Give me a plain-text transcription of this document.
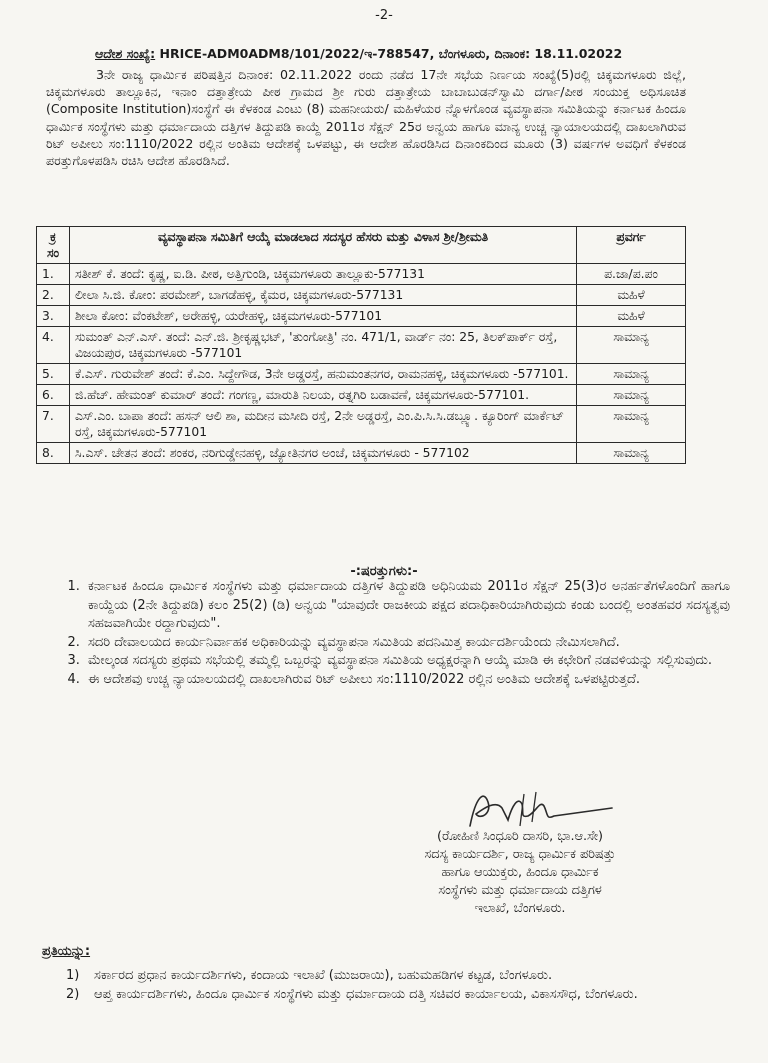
-2-
ಆದೇಶ ಸಂಖ್ಯೆ: HRICE-ADM0ADM8/101/2022/ಇ-788547, ಬೆಂಗಳೂರು, ದಿನಾಂಕ: 18.11.02022

3ನೇ ರಾಜ್ಯ ಧಾರ್ಮಿಕ ಪರಿಷತ್ತಿನ ದಿನಾಂಕ: 02.11.2022 ರಂದು ನಡೆದ 17ನೇ ಸಭೆಯ ನಿರ್ಣಯ ಸಂಖ್ಯೆ(5)ರಲ್ಲಿ ಚಿಕ್ಕಮಗಳೂರು ಜಿಲ್ಲೆ, ಚಿಕ್ಕಮಗಳೂರು ತಾಲ್ಲೂಕಿನ, ಇನಾಂ ದತ್ತಾತ್ರೇಯ ಪೀಠ ಗ್ರಾಮದ ಶ್ರೀ ಗುರು ದತ್ತಾತ್ರೇಯ ಬಾಬಾಬುಡನ್‌ಸ್ವಾಮಿ ದರ್ಗಾ/ಪೀಠ ಸಂಯುಕ್ತ ಅಧಿಸೂಚಿತ (Composite Institution)ಸಂಸ್ಥೆಗೆ ಈ ಕೆಳಕಂಡ ಎಂಟು (8) ಮಹನೀಯರು/ ಮಹಿಳೆಯರ ನ್ನೊಳಗೊಂಡ ವ್ಯವಸ್ಥಾಪನಾ ಸಮಿತಿಯನ್ನು ಕರ್ನಾಟಕ ಹಿಂದೂ ಧಾರ್ಮಿಕ ಸಂಸ್ಥೆಗಳು ಮತ್ತು ಧರ್ಮಾದಾಯ ದತ್ತಿಗಳ ತಿದ್ದುಪಡಿ ಕಾಯ್ದೆ 2011ರ ಸೆಕ್ಷನ್ 25ರ ಅನ್ವಯ ಹಾಗೂ ಮಾನ್ಯ ಉಚ್ಚ ನ್ಯಾಯಾಲಯದಲ್ಲಿ ದಾಖಲಾಗಿರುವ ರಿಟ್ ಅಪೀಲು ಸಂ:1110/2022 ರಲ್ಲಿನ ಅಂತಿಮ ಆದೇಶಕ್ಕೆ ಒಳಪಟ್ಟು, ಈ ಆದೇಶ ಹೊರಡಿಸಿದ ದಿನಾಂಕದಿಂದ ಮೂರು (3) ವರ್ಷಗಳ ಅವಧಿಗೆ ಕೆಳಕಂಡ ಪರತ್ತುಗೊಳಪಡಿಸಿ ರಚಿಸಿ ಆದೇಶ ಹೊರಡಿಸಿದೆ.

ಕ್ರ ಸಂ	ವ್ಯವಸ್ಥಾಪನಾ ಸಮಿತಿಗೆ ಆಯ್ಕೆ ಮಾಡಲಾದ ಸದಸ್ಯರ ಹೆಸರು ಮತ್ತು ವಿಳಾಸ ಶ್ರೀ/ಶ್ರೀಮತಿ	ಪ್ರವರ್ಗ
1.	ಸತೀಶ್ ಕೆ. ತಂದೆ: ಕೃಷ್ಣ, ಐ.ಡಿ. ಪೀಠ, ಅತ್ತಿಗುಂಡಿ, ಚಿಕ್ಕಮಗಳೂರು ತಾಲ್ಲೂಕು-577131	ಪ.ಜಾ/ಪ.ಪಂ
2.	ಲೀಲಾ ಸಿ.ಜಿ. ಕೋಂ: ಪರಮೇಶ್, ಬಾಗಡೆಹಳ್ಳಿ, ಕೈಮರ, ಚಿಕ್ಕಮಗಳೂರು-577131	ಮಹಿಳೆ
3.	ಶೀಲಾ ಕೋಂ: ವೆಂಕಟೇಶ್, ಅರೇಹಳ್ಳಿ, ಯರೇಹಳ್ಳಿ, ಚಿಕ್ಕಮಗಳೂರು-577101	ಮಹಿಳೆ
4.	ಸುಮಂತ್ ಎನ್.ಎಸ್. ತಂದೆ: ಎನ್.ಜಿ. ಶ್ರೀಕೃಷ್ಣಭಟ್, 'ತುಂಗೋತ್ರಿ' ನಂ. 471/1, ವಾರ್ಡ್ ನಂ: 25, ತಿಲಕ್‌ಪಾರ್ಕ್ ರಸ್ತೆ, ವಿಜಯಪುರ, ಚಿಕ್ಕಮಗಳೂರು -577101	ಸಾಮಾನ್ಯ
5.	ಕೆ.ಎಸ್. ಗುರುವೇಶ್ ತಂದೆ: ಕೆ.ಎಂ. ಸಿದ್ದೇಗೌಡ, 3ನೇ ಅಡ್ಡರಸ್ತೆ, ಹನುಮಂತನಗರ, ರಾಮನಹಳ್ಳಿ, ಚಿಕ್ಕಮಗಳೂರು -577101.	ಸಾಮಾನ್ಯ
6.	ಜಿ.ಹೆಚ್. ಹೇಮಂತ್ ಕುಮಾರ್ ತಂದೆ: ಗಂಗಣ್ಣ, ಮಾರುತಿ ನಿಲಯ, ರತ್ನಗಿರಿ ಬಡಾವಣೆ, ಚಿಕ್ಕಮಗಳೂರು-577101.	ಸಾಮಾನ್ಯ
7.	ಎಸ್.ಎಂ. ಬಾಪಾ ತಂದೆ: ಹಸನ್ ಆಲಿ ಶಾ, ಮದೀನ ಮಸೀದಿ ರಸ್ತೆ, 2ನೇ ಅಡ್ಡರಸ್ತೆ, ಎಂ.ಪಿ.ಸಿ.ಸಿ.ಡಬ್ಲ್ಯೂ. ಕ್ಯೂರಿಂಗ್ ಮಾರ್ಕೆಟ್ ರಸ್ತೆ, ಚಿಕ್ಕಮಗಳೂರು-577101	ಸಾಮಾನ್ಯ
8.	ಸಿ.ಎಸ್. ಚೇತನ ತಂದೆ: ಶಂಕರ, ನರಿಗುಡ್ಡೇನಹಳ್ಳಿ, ಜ್ಯೋತಿನಗರ ಅಂಚೆ, ಚಿಕ್ಕಮಗಳೂರು - 577102	ಸಾಮಾನ್ಯ
-:ಷರತ್ತುಗಳು:-
1. ಕರ್ನಾಟಕ ಹಿಂದೂ ಧಾರ್ಮಿಕ ಸಂಸ್ಥೆಗಳು ಮತ್ತು ಧರ್ಮಾದಾಯ ದತ್ತಿಗಳ ತಿದ್ದುಪಡಿ ಅಧಿನಿಯಮ 2011ರ ಸೆಕ್ಷನ್ 25(3)ರ ಅನರ್ಹತೆಗಳೊಂದಿಗೆ ಹಾಗೂ ಕಾಯ್ದೆಯ (2ನೇ ತಿದ್ದುಪಡಿ) ಕಲಂ 25(2) (ಡಿ) ಅನ್ವಯ "ಯಾವುದೇ ರಾಜಕೀಯ ಪಕ್ಷದ ಪದಾಧಿಕಾರಿಯಾಗಿರುವುದು ಕಂಡು ಬಂದಲ್ಲಿ ಅಂತಹವರ ಸದಸ್ಯತ್ವವು ಸಹಜವಾಗಿಯೇ ರದ್ದಾಗುವುದು".
2. ಸದರಿ ದೇವಾಲಯದ ಕಾರ್ಯನಿರ್ವಾಹಕ ಅಧಿಕಾರಿಯನ್ನು ವ್ಯವಸ್ಥಾಪನಾ ಸಮಿತಿಯ ಪದನಿಮಿತ್ತ ಕಾರ್ಯದರ್ಶಿಯೆಂದು ನೇಮಿಸಲಾಗಿದೆ.
3. ಮೇಲ್ಕಂಡ ಸದಸ್ಯರು ಪ್ರಥಮ ಸಭೆಯಲ್ಲಿ ತಮ್ಮಲ್ಲಿ ಒಬ್ಬರನ್ನು ವ್ಯವಸ್ಥಾಪನಾ ಸಮಿತಿಯ ಅಧ್ಯಕ್ಷರನ್ನಾಗಿ ಆಯ್ಕೆ ಮಾಡಿ ಈ ಕಛೇರಿಗೆ ನಡವಳಿಯನ್ನು ಸಲ್ಲಿಸುವುದು.
4. ಈ ಆದೇಶವು ಉಚ್ಚ ನ್ಯಾಯಾಲಯದಲ್ಲಿ ದಾಖಲಾಗಿರುವ ರಿಟ್ ಅಪೀಲು ಸಂ:1110/2022 ರಲ್ಲಿನ ಅಂತಿಮ ಆದೇಶಕ್ಕೆ ಒಳಪಟ್ಟಿರುತ್ತದೆ.
(ರೋಹಿಣಿ ಸಿಂಧೂರಿ ದಾಸರಿ, ಭಾ.ಆ.ಸೇ)
ಸದಸ್ಯ ಕಾರ್ಯದರ್ಶಿ, ರಾಜ್ಯ ಧಾರ್ಮಿಕ ಪರಿಷತ್ತು
ಹಾಗೂ ಆಯುಕ್ತರು, ಹಿಂದೂ ಧಾರ್ಮಿಕ
ಸಂಸ್ಥೆಗಳು ಮತ್ತು ಧರ್ಮಾದಾಯ ದತ್ತಿಗಳ
ಇಲಾಖೆ, ಬೆಂಗಳೂರು.
ಪ್ರತಿಯನ್ನು:
1) ಸರ್ಕಾರದ ಪ್ರಧಾನ ಕಾರ್ಯದರ್ಶಿಗಳು, ಕಂದಾಯ ಇಲಾಖೆ (ಮುಜರಾಯಿ), ಬಹುಮಹಡಿಗಳ ಕಟ್ಟಡ, ಬೆಂಗಳೂರು.
2) ಆಪ್ತ ಕಾರ್ಯದರ್ಶಿಗಳು, ಹಿಂದೂ ಧಾರ್ಮಿಕ ಸಂಸ್ಥೆಗಳು ಮತ್ತು ಧರ್ಮಾದಾಯ ದತ್ತಿ ಸಚಿವರ ಕಾರ್ಯಾಲಯ, ವಿಕಾಸಸೌಧ, ಬೆಂಗಳೂರು.
